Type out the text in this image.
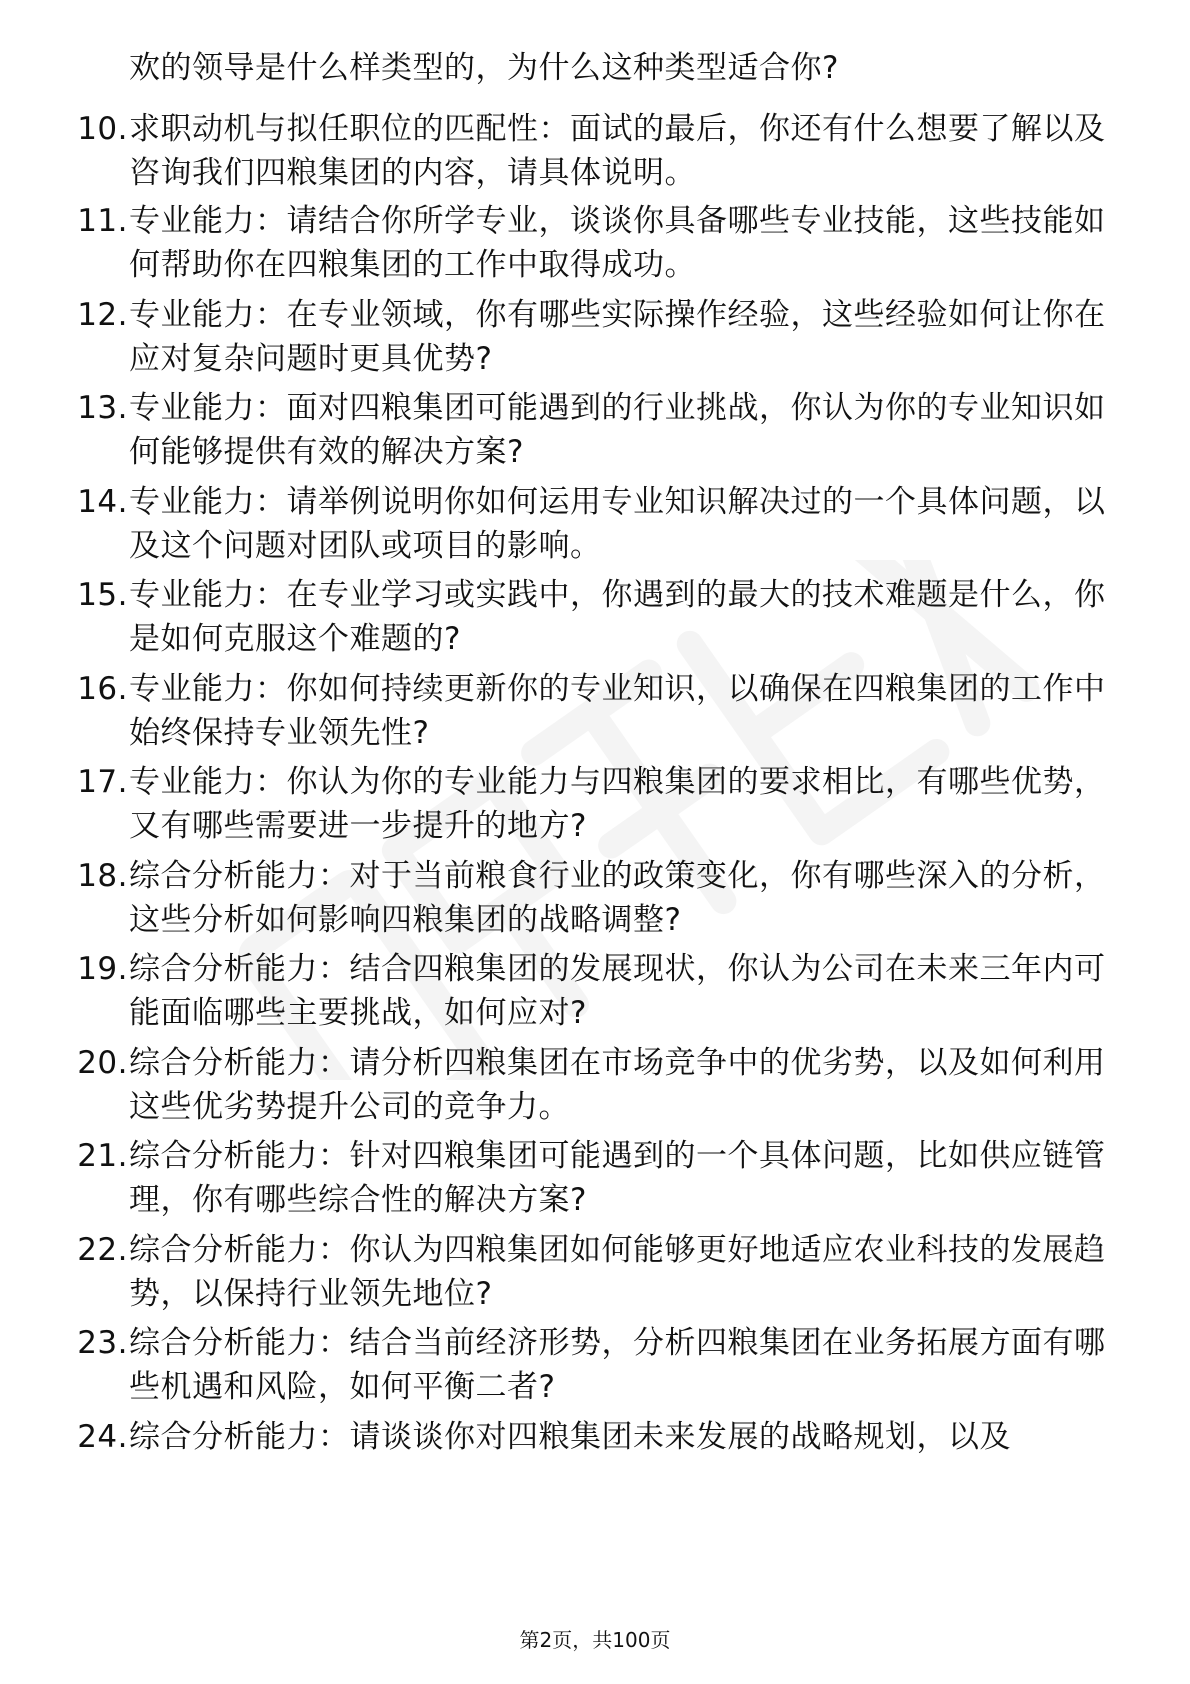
欢的领导是什么样类型的，为什么这种类型适合你?
10. 求职动机与拟任职位的匹配性：面试的最后，你还有什么想要了解以及咨询我们四粮集团的内容，请具体说明。
11. 专业能力：请结合你所学专业，谈谈你具备哪些专业技能，这些技能如何帮助你在四粮集团的工作中取得成功。
12. 专业能力：在专业领域，你有哪些实际操作经验，这些经验如何让你在应对复杂问题时更具优势?
13. 专业能力：面对四粮集团可能遇到的行业挑战，你认为你的专业知识如何能够提供有效的解决方案?
14. 专业能力：请举例说明你如何运用专业知识解决过的一个具体问题，以及这个问题对团队或项目的影响。
15. 专业能力：在专业学习或实践中，你遇到的最大的技术难题是什么，你是如何克服这个难题的?
16. 专业能力：你如何持续更新你的专业知识，以确保在四粮集团的工作中始终保持专业领先性?
17. 专业能力：你认为你的专业能力与四粮集团的要求相比，有哪些优势，又有哪些需要进一步提升的地方?
18. 综合分析能力：对于当前粮食行业的政策变化，你有哪些深入的分析，这些分析如何影响四粮集团的战略调整?
19. 综合分析能力：结合四粮集团的发展现状，你认为公司在未来三年内可能面临哪些主要挑战，如何应对?
20. 综合分析能力：请分析四粮集团在市场竞争中的优劣势，以及如何利用这些优劣势提升公司的竞争力。
21. 综合分析能力：针对四粮集团可能遇到的一个具体问题，比如供应链管理，你有哪些综合性的解决方案?
22. 综合分析能力：你认为四粮集团如何能够更好地适应农业科技的发展趋势，以保持行业领先地位?
23. 综合分析能力：结合当前经济形势，分析四粮集团在业务拓展方面有哪些机遇和风险，如何平衡二者?
24. 综合分析能力：请谈谈你对四粮集团未来发展的战略规划，以及
第2页，共100页
